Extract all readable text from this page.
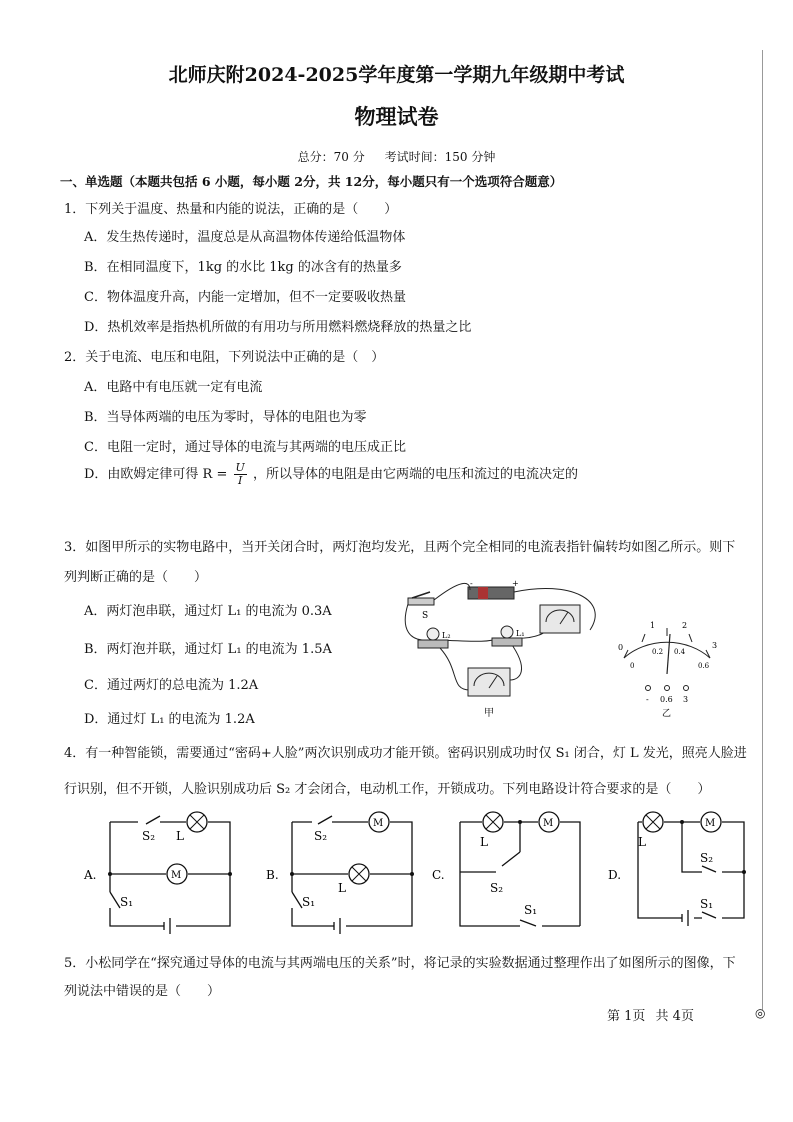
北师庆附2024-2025学年度第一学期九年级期中考试
物理试卷
总分：70 分 考试时间：150 分钟
一、单选题（本题共包括 6 小题，每小题 2分，共 12分，每小题只有一个选项符合题意）
1．下列关于温度、热量和内能的说法，正确的是（　　）
A．发生热传递时，温度总是从高温物体传递给低温物体
B．在相同温度下，1kg 的水比 1kg 的冰含有的热量多
C．物体温度升高，内能一定增加，但不一定要吸收热量
D．热机效率是指热机所做的有用功与所用燃料燃烧释放的热量之比
2．关于电流、电压和电阻，下列说法中正确的是（　）
A．电路中有电压就一定有电流
B．当导体两端的电压为零时，导体的电阻也为零
C．电阻一定时，通过导体的电流与其两端的电压成正比
D．由欧姆定律可得 $R = \frac{U}{I}$ ，所以导体的电阻是由它两端的电压和流过的电流决定的
3．如图甲所示的实物电路中，当开关闭合时，两灯泡均发光，且两个完全相同的电流表指针偏转均如图乙所示。则下
列判断正确的是（　　）
A．两灯泡串联，通过灯 L₁ 的电流为 0.3A
B．两灯泡并联，通过灯 L₁ 的电流为 1.5A
C．通过两灯的总电流为 1.2A
D．通过灯 L₁ 的电流为 1.2A
-	+
S
L₂	L₁
甲
0
1	2
3
0
0.2 0.4
0.6
- 0.6 3
乙
4．有一种智能锁，需要通过“密码+人脸”两次识别成功才能开锁。密码识别成功时仅 S₁ 闭合，灯 L 发光，照亮人脸进
行识别，但不开锁，人脸识别成功后 S₂ 才会闭合，电动机工作，开锁成功。下列电路设计符合要求的是（　　）
A.	M
S₂ L
S₁
B.
M
S₂
L
S₁
C.
M
L
S₂
S₁
D.
M
L
S₂
S₁
5．小松同学在“探究通过导体的电流与其两端电压的关系”时，将记录的实验数据通过整理作出了如图所示的图像，下
列说法中错误的是（　　）
第 1页 共 4页	◎
